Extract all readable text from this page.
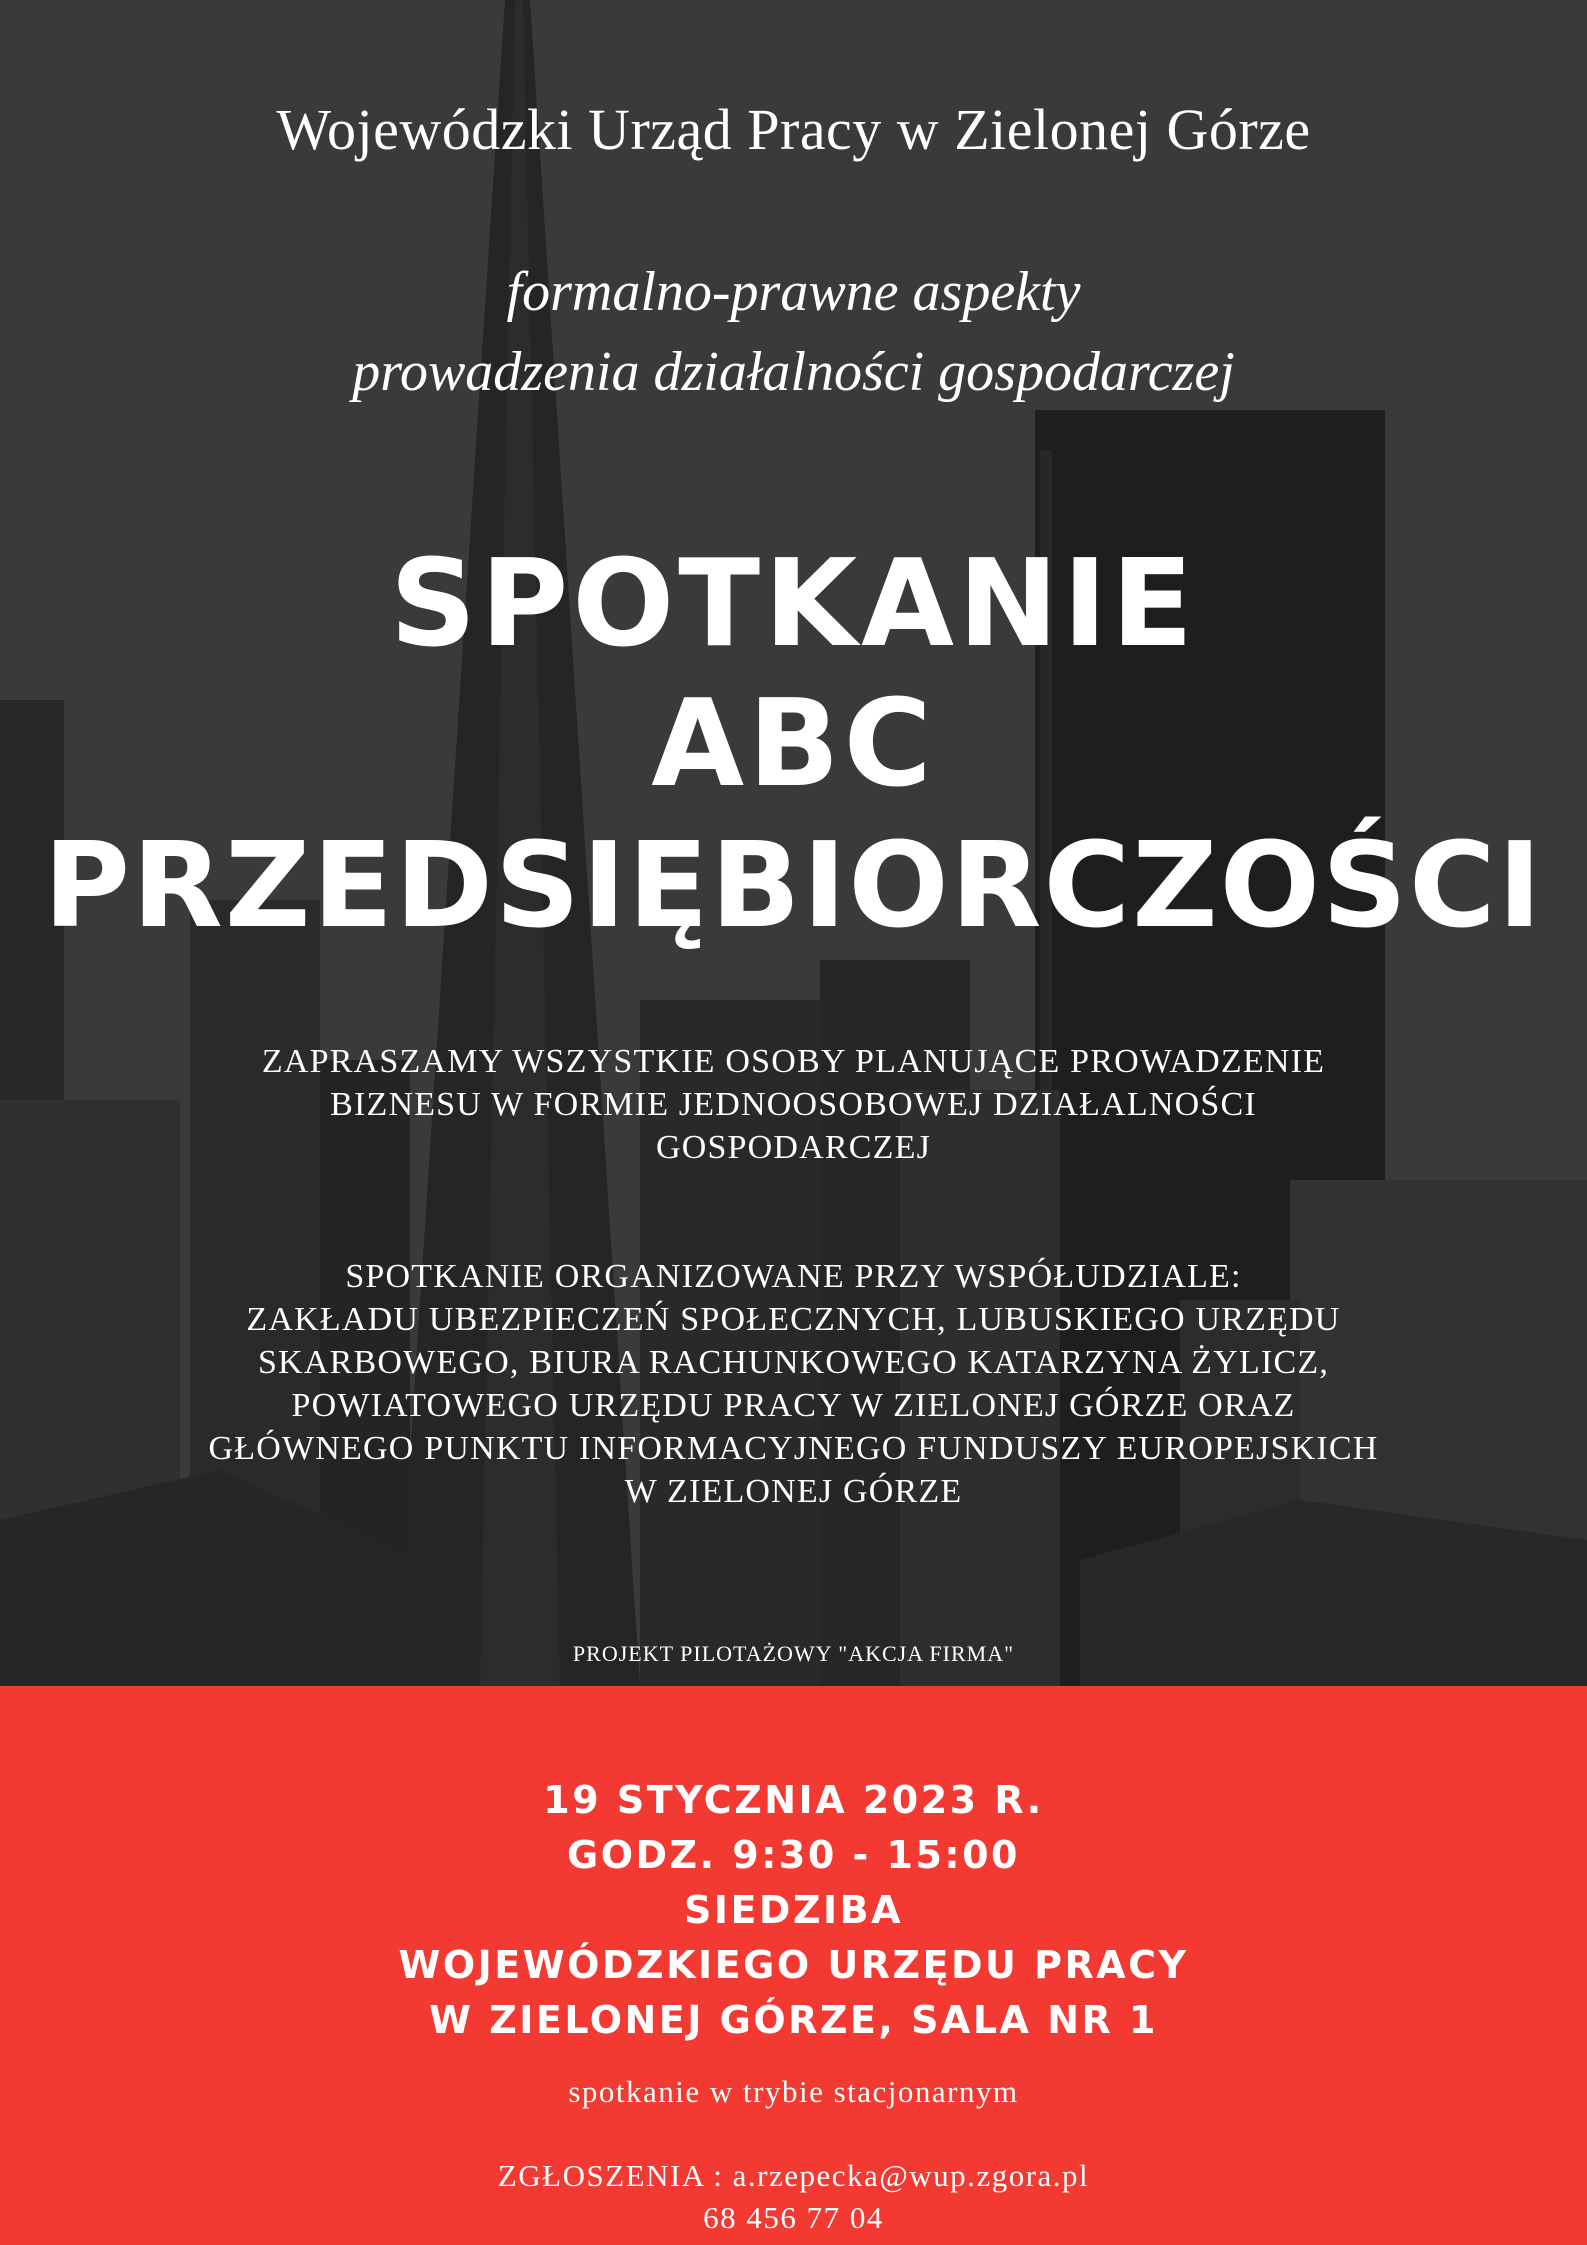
Wojewódzki Urząd Pracy w Zielonej Górze
formalno-prawne aspekty
prowadzenia działalności gospodarczej
SPOTKANIE
ABC
PRZEDSIĘBIORCZOŚCI
ZAPRASZAMY WSZYSTKIE OSOBY PLANUJĄCE PROWADZENIE
BIZNESU W FORMIE JEDNOOSOBOWEJ DZIAŁALNOŚCI
GOSPODARCZEJ
SPOTKANIE ORGANIZOWANE PRZY WSPÓŁUDZIALE:
ZAKŁADU UBEZPIECZEŃ SPOŁECZNYCH, LUBUSKIEGO URZĘDU
SKARBOWEGO, BIURA RACHUNKOWEGO KATARZYNA ŻYLICZ,
POWIATOWEGO URZĘDU PRACY W ZIELONEJ GÓRZE ORAZ
GŁÓWNEGO PUNKTU INFORMACYJNEGO FUNDUSZY EUROPEJSKICH
W ZIELONEJ GÓRZE
PROJEKT PILOTAŻOWY "AKCJA FIRMA"
19 STYCZNIA 2023 R.
GODZ. 9:30 - 15:00
SIEDZIBA
WOJEWÓDZKIEGO URZĘDU PRACY
W ZIELONEJ GÓRZE, SALA NR 1
spotkanie w trybie stacjonarnym
ZGŁOSZENIA : a.rzepecka@wup.zgora.pl
68 456 77 04
